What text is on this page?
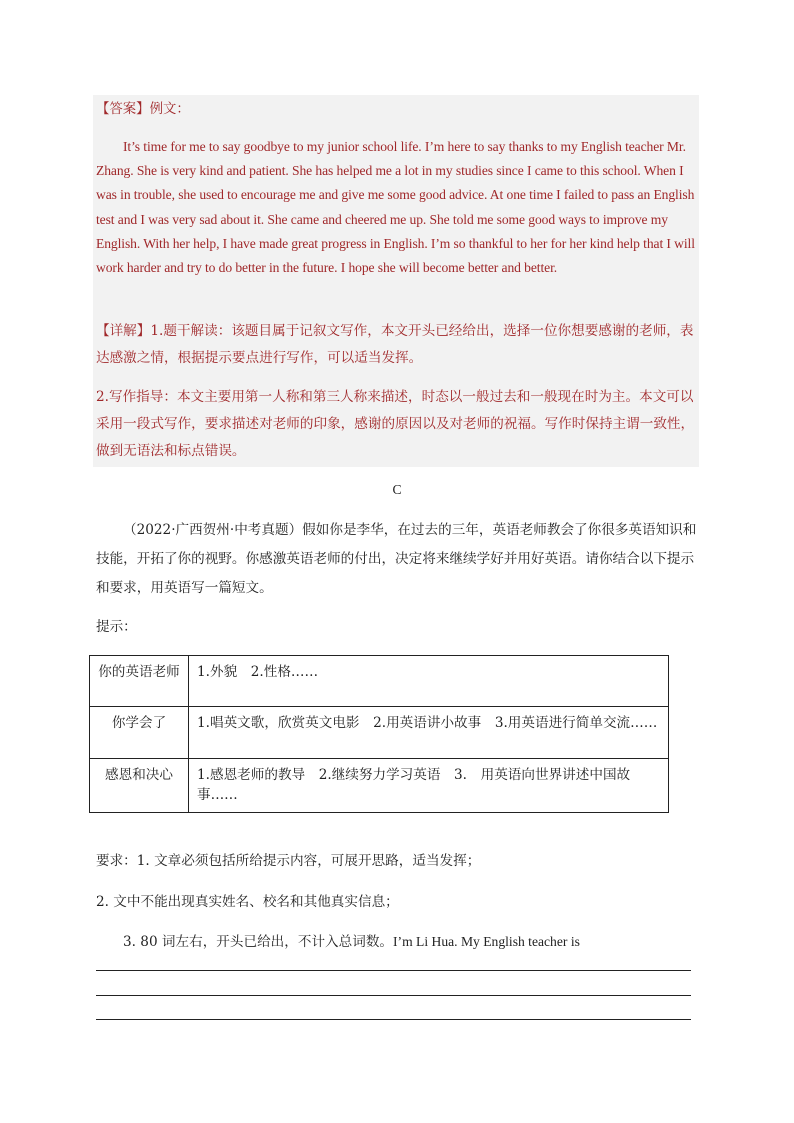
【答案】例文：
It’s time for me to say goodbye to my junior school life. I’m here to say thanks to my English teacher Mr. Zhang. She is very kind and patient. She has helped me a lot in my studies since I came to this school. When I was in trouble, she used to encourage me and give me some good advice. At one time I failed to pass an English test and I was very sad about it. She came and cheered me up. She told me some good ways to improve my English. With her help, I have made great progress in English. I’m so thankful to her for her kind help that I will work harder and try to do better in the future. I hope she will become better and better.
【详解】1.题干解读：该题目属于记叙文写作，本文开头已经给出，选择一位你想要感谢的老师，表达感激之情，根据提示要点进行写作，可以适当发挥。
2.写作指导：本文主要用第一人称和第三人称来描述，时态以一般过去和一般现在时为主。本文可以采用一段式写作，要求描述对老师的印象，感谢的原因以及对老师的祝福。写作时保持主谓一致性，做到无语法和标点错误。
C
（2022·广西贺州·中考真题）假如你是李华，在过去的三年，英语老师教会了你很多英语知识和技能，开拓了你的视野。你感激英语老师的付出，决定将来继续学好并用好英语。请你结合以下提示和要求，用英语写一篇短文。
提示：
你的英语老师	1.外貌　2.性格……
你学会了	1.唱英文歌，欣赏英文电影　2.用英语讲小故事　3.用英语进行简单交流……
感恩和决心	1.感恩老师的教导　2.继续努力学习英语　3.　用英语向世界讲述中国故事……
要求：1. 文章必须包括所给提示内容，可展开思路，适当发挥；
2. 文中不能出现真实姓名、校名和其他真实信息；
3. 80 词左右，开头已给出，不计入总词数。I’m Li Hua. My English teacher is
